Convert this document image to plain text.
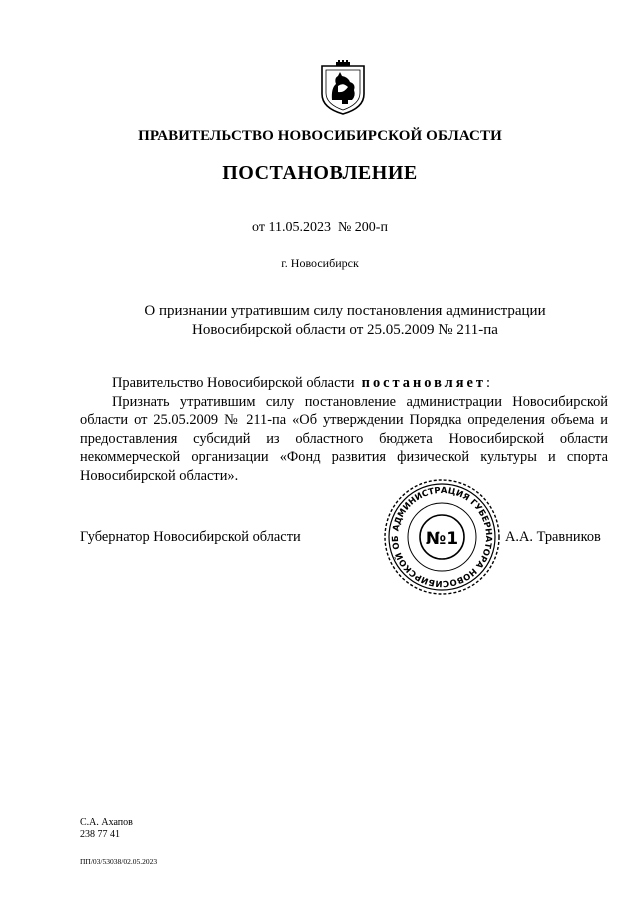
ПРАВИТЕЛЬСТВО НОВОСИБИРСКОЙ ОБЛАСТИ
ПОСТАНОВЛЕНИЕ
от 11.05.2023  № 200-п
г. Новосибирск
О признании утратившим силу постановления администрации
Новосибирской области от 25.05.2009 № 211-па

Правительство Новосибирской области постановляет:

Признать утратившим силу постановление администрации Новосибирской области от 25.05.2009 № 211-па «Об утверждении Порядка определения объема и  предоставления субсидий из областного бюджета Новосибирской области некоммерческой организации «Фонд развития физической культуры и спорта Новосибирской области».

Губернатор Новосибирской области	А.А. Травников
АДМИНИСТРАЦИЯ ГУБЕРНАТОРА НОВОСИБИРСКОЙ ОБ	№1
С.А. Ахапов
238 77 41
ПП/03/53038/02.05.2023
